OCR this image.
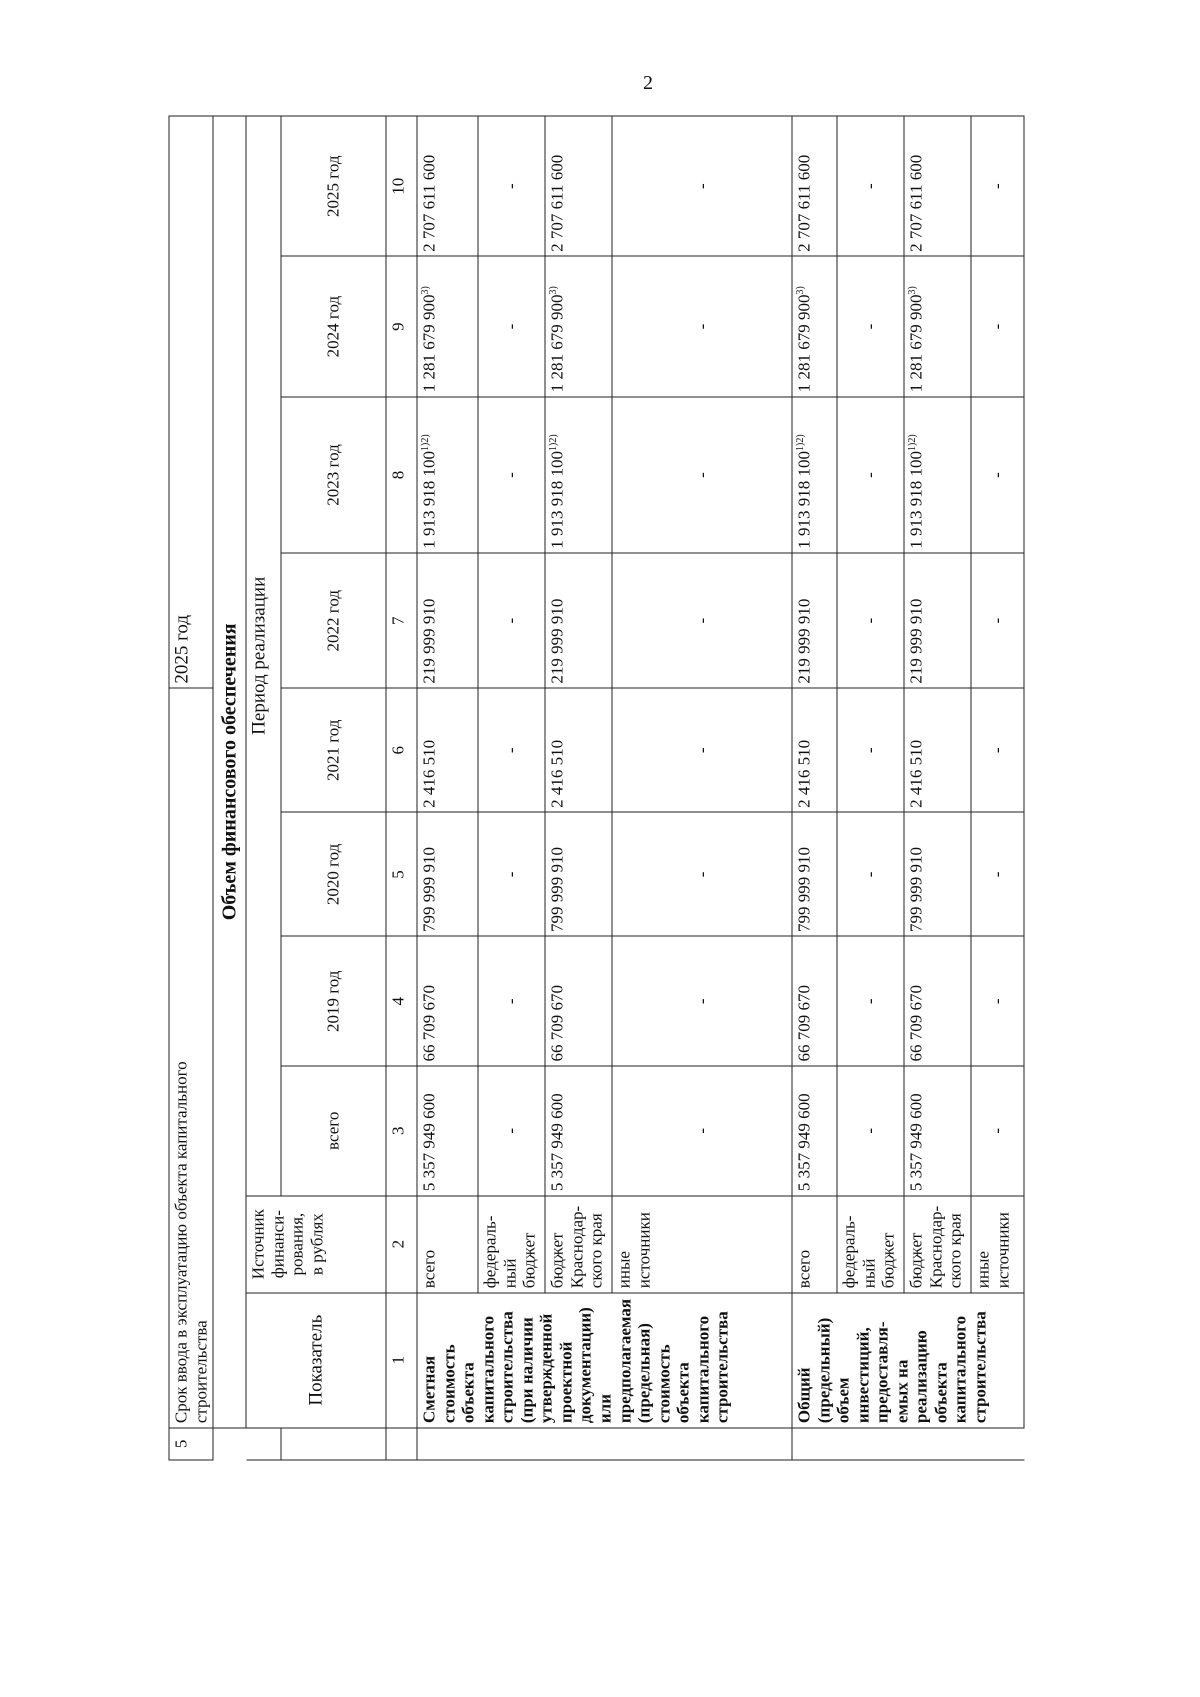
2
5	Срок ввода в эксплуатацию объекта капитального
строительства						2025 год			
	Объем финансового обеспечения									
	Показатель	Источник
финанси-
рования,
в рублях	Период реализации							
			всего	2019 год	2020 год	2021 год	2022 год	2023 год	2024 год	2025 год
	1	2	3	4	5	6	7	8	9	10
	Сметная стоимость объекта капитального строительства (при наличии утвержденной проектной документации) или предполагаемая (предельная) стоимость объекта капитального строительства	всего	5 357 949 600	66 709 670	799 999 910	2 416 510	219 999 910	1 913 918 $100^{1)2)}$	1 281 679 900$^{3)}$	2 707 611 600
		федераль- ный бюджет	-	-	-	-	-	-	-	-
		бюджет Краснодар- ского края	5 357 949 600	66 709 670	799 999 910	2 416 510	219 999 910	1 913 918 $100^{1)2)}$	1 281 679 900$^{3)}$	2 707 611 600
		иные источники	-	-	-	-	-	-	-	-
	Общий (предельный) объем инвестиций, предоставля- емых на реализацию объекта капитального строительства	всего	5 357 949 600	66 709 670	799 999 910	2 416 510	219 999 910	1 913 918 $100^{1)2)}$	1 281 679 900$^{3)}$	2 707 611 600
		федераль- ный бюджет	-	-	-	-	-	-	-	-
		бюджет Краснодар- ского края	5 357 949 600	66 709 670	799 999 910	2 416 510	219 999 910	1 913 918 $100^{1)2)}$	1 281 679 900$^{3)}$	2 707 611 600
		иные источники	-	-	-	-	-	-	-	-
